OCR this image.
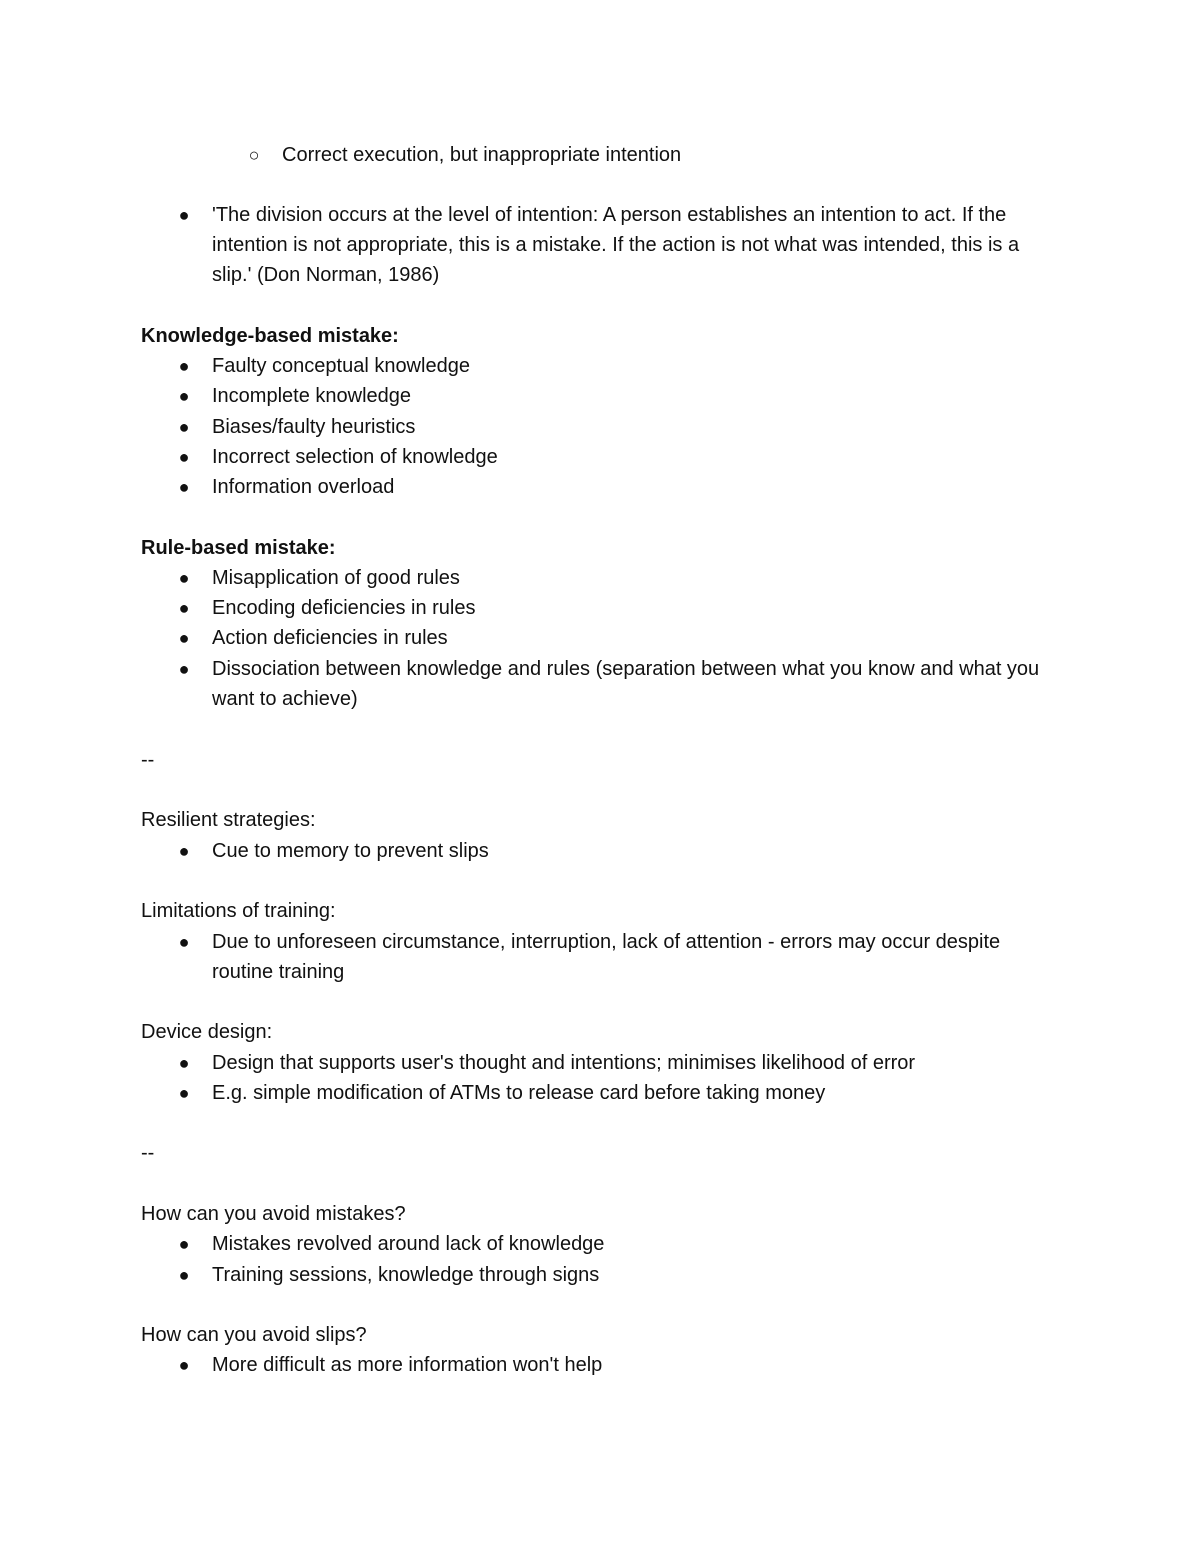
○ Correct execution, but inappropriate intention
● 'The division occurs at the level of intention: A person establishes an intention to act. If the
intention is not appropriate, this is a mistake. If the action is not what was intended, this is a
slip.' (Don Norman, 1986)
Knowledge-based mistake:
● Faulty conceptual knowledge
● Incomplete knowledge
● Biases/faulty heuristics
● Incorrect selection of knowledge
● Information overload
Rule-based mistake:
● Misapplication of good rules
● Encoding deficiencies in rules
● Action deficiencies in rules
● Dissociation between knowledge and rules (separation between what you know and what you
want to achieve)
--
Resilient strategies:
● Cue to memory to prevent slips
Limitations of training:
● Due to unforeseen circumstance, interruption, lack of attention - errors may occur despite
routine training
Device design:
● Design that supports user's thought and intentions; minimises likelihood of error
● E.g. simple modification of ATMs to release card before taking money
--
How can you avoid mistakes?
● Mistakes revolved around lack of knowledge
● Training sessions, knowledge through signs
How can you avoid slips?
● More difficult as more information won't help
